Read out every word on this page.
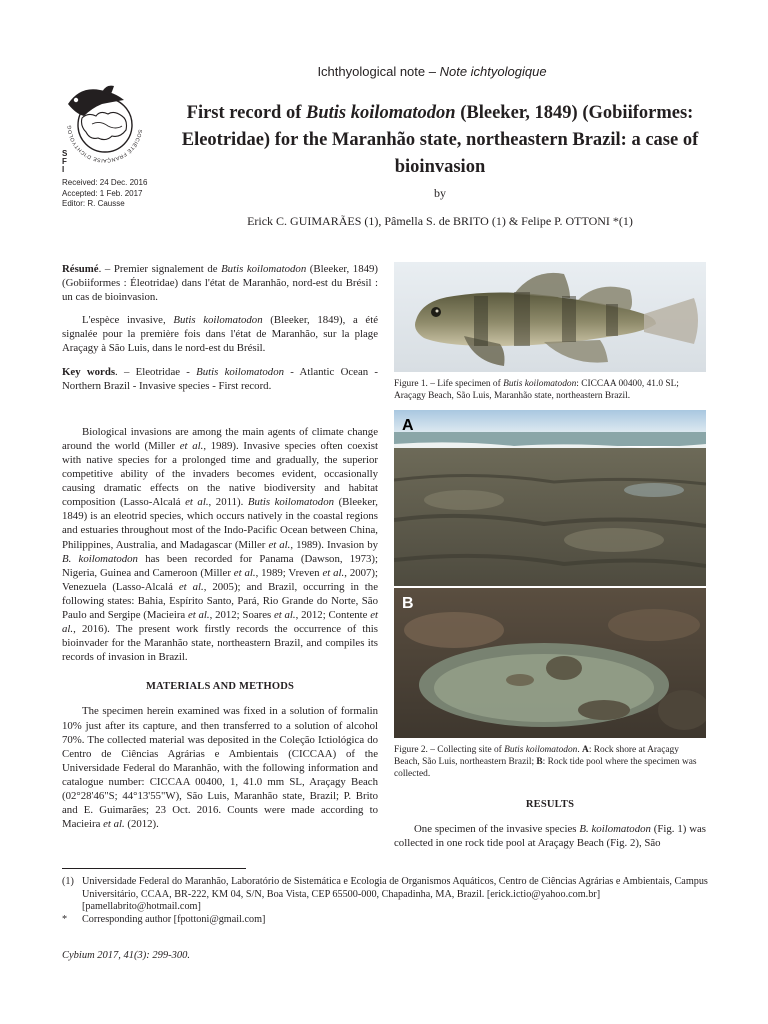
Ichthyological note – Note ichtyologique
SOCIÉTÉ FRANÇAISE D'ICHTYOLOG
S
F
I
Received: 24 Dec. 2016
Accepted: 1 Feb. 2017
Editor: R. Causse
First record of Butis koilomatodon (Bleeker, 1849) (Gobiiformes: Eleotridae) for the Maranhão state, northeastern Brazil: a case of bioinvasion
by
Erick C. GUIMARÃES (1), Pâmella S. de BRITO (1) & Felipe P. OTTONI *(1)

Résumé. – Premier signalement de Butis koilomatodon (Bleeker, 1849) (Gobiiformes : Éleotridae) dans l'état de Maranhão, nord-est du Brésil : un cas de bioinvasion.

L'espèce invasive, Butis koilomatodon (Bleeker, 1849), a été signalée pour la première fois dans l'état de Maranhão, sur la plage Araçagy à São Luis, dans le nord-est du Brésil.

Key words. – Eleotridae - Butis koilomatodon - Atlantic Ocean - Northern Brazil - Invasive species - First record.

Biological invasions are among the main agents of climate change around the world (Miller et al., 1989). Invasive species often coexist with native species for a prolonged time and gradually, the superior competitive ability of the invaders becomes evident, occasionally causing dramatic effects on the native biodiversity and habitat composition (Lasso-Alcalá et al., 2011). Butis koilomatodon (Bleeker, 1849) is an eleotrid species, which occurs natively in the coastal regions and estuaries throughout most of the Indo-Pacific Ocean between China, Philippines, Australia, and Madagascar (Miller et al., 1989). Invasion by B. koilomatodon has been recorded for Panama (Dawson, 1973); Nigeria, Guinea and Cameroon (Miller et al., 1989; Vreven et al., 2007); Venezuela (Lasso-Alcalá et al., 2005); and Brazil, occurring in the following states: Bahia, Espírito Santo, Pará, Rio Grande do Norte, São Paulo and Sergipe (Macieira et al., 2012; Soares et al., 2012; Contente et al., 2016). The present work firstly records the occurrence of this bioinvader for the Maranhão state, northeastern Brazil, and compiles its records of invasion in Brazil.

MATERIALS AND METHODS

The specimen herein examined was fixed in a solution of formalin 10% just after its capture, and then transferred to a solution of alcohol 70%. The collected material was deposited in the Coleção Ictiológica do Centro de Ciências Agrárias e Ambientais (CICCAA) of the Universidade Federal do Maranhão, with the following information and catalogue number: CICCAA 00400, 1, 41.0 mm SL, Araçagy Beach (02°28'46"S; 44°13'55"W), São Luis, Maranhão state, Brazil; P. Brito and E. Guimarães; 23 Oct. 2016. Counts were made according to Macieira et al. (2012).

Figure 1. – Life specimen of Butis koilomatodon: CICCAA 00400, 41.0 SL; Araçagy Beach, São Luis, Maranhão state, northeastern Brazil.
A
B
Figure 2. – Collecting site of Butis koilomatodon. A: Rock shore at Araçagy Beach, São Luis, northeastern Brazil; B: Rock tide pool where the specimen was collected.
RESULTS

One specimen of the invasive species B. koilomatodon (Fig. 1) was collected in one rock tide pool at Araçagy Beach (Fig. 2), São

(1) Universidade Federal do Maranhão, Laboratório de Sistemática e Ecologia de Organismos Aquáticos, Centro de Ciências Agrárias e Ambientais, Campus Universitário, CCAA, BR-222, KM 04, S/N, Boa Vista, CEP 65500-000, Chapadinha, MA, Brazil. [erick.ictio@yahoo.com.br] [pamellabrito@hotmail.com]
*	Corresponding author [fpottoni@gmail.com]
Cybium 2017, 41(3): 299-300.
